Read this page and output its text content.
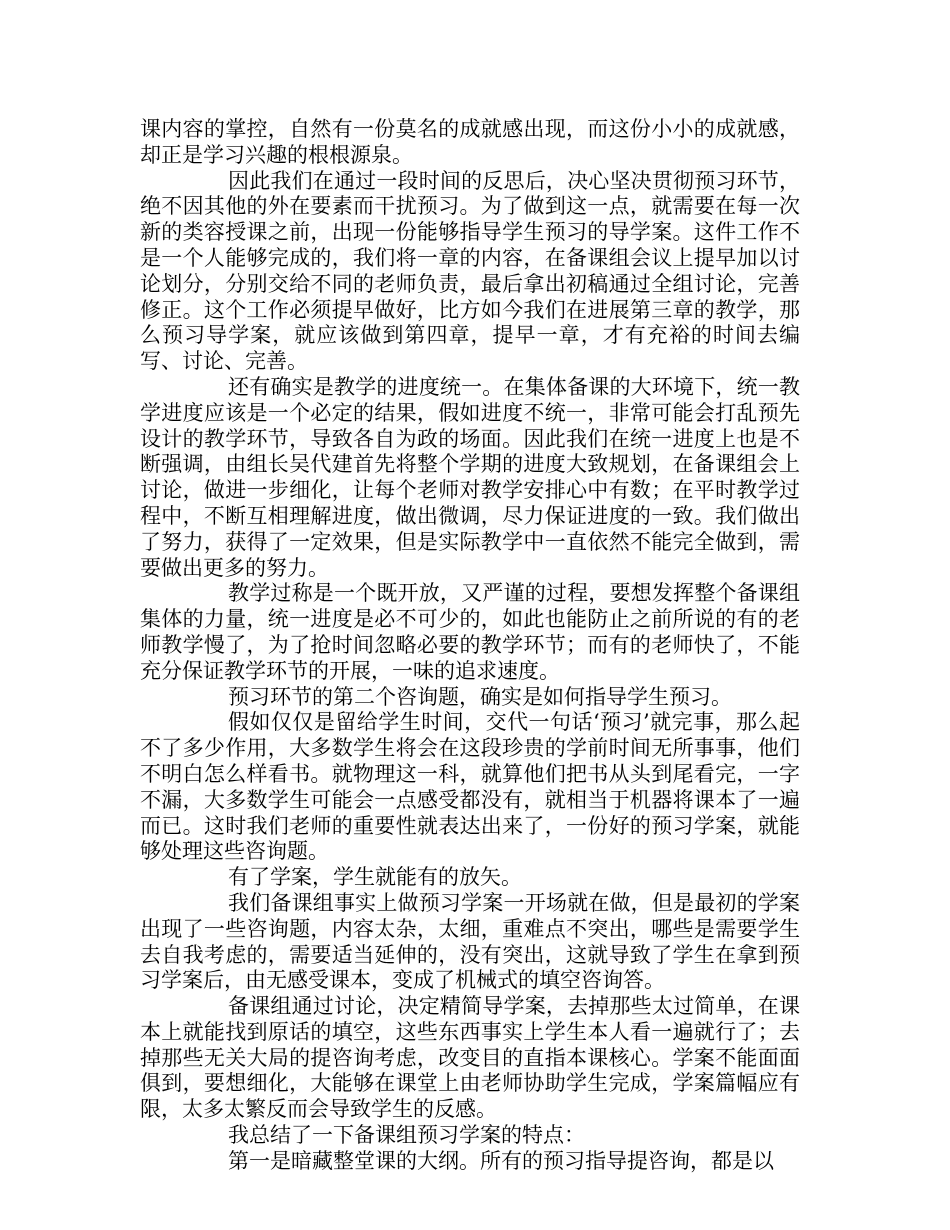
课内容的掌控，自然有一份莫名的成就感出现，而这份小小的成就感，却正是学习兴趣的根根源泉。

因此我们在通过一段时间的反思后，决心坚决贯彻预习环节，绝不因其他的外在要素而干扰预习。为了做到这一点，就需要在每一次新的类容授课之前，出现一份能够指导学生预习的导学案。这件工作不是一个人能够完成的，我们将一章的内容，在备课组会议上提早加以讨论划分，分别交给不同的老师负责，最后拿出初稿通过全组讨论，完善修正。这个工作必须提早做好，比方如今我们在进展第三章的教学，那么预习导学案，就应该做到第四章，提早一章，才有充裕的时间去编写、讨论、完善。

还有确实是教学的进度统一。在集体备课的大环境下，统一教学进度应该是一个必定的结果，假如进度不统一，非常可能会打乱预先设计的教学环节，导致各自为政的场面。因此我们在统一进度上也是不断强调，由组长吴代建首先将整个学期的进度大致规划，在备课组会上讨论，做进一步细化，让每个老师对教学安排心中有数；在平时教学过程中，不断互相理解进度，做出微调，尽力保证进度的一致。我们做出了努力，获得了一定效果，但是实际教学中一直依然不能完全做到，需要做出更多的努力。

教学过称是一个既开放，又严谨的过程，要想发挥整个备课组集体的力量，统一进度是必不可少的，如此也能防止之前所说的有的老师教学慢了，为了抢时间忽略必要的教学环节；而有的老师快了，不能充分保证教学环节的开展，一味的追求速度。

预习环节的第二个咨询题，确实是如何指导学生预习。

假如仅仅是留给学生时间，交代一句话‘预习’就完事，那么起不了多少作用，大多数学生将会在这段珍贵的学前时间无所事事，他们不明白怎么样看书。就物理这一科，就算他们把书从头到尾看完，一字不漏，大多数学生可能会一点感受都没有，就相当于机器将课本了一遍而已。这时我们老师的重要性就表达出来了，一份好的预习学案，就能够处理这些咨询题。

有了学案，学生就能有的放矢。

我们备课组事实上做预习学案一开场就在做，但是最初的学案出现了一些咨询题，内容太杂，太细，重难点不突出，哪些是需要学生去自我考虑的，需要适当延伸的，没有突出，这就导致了学生在拿到预习学案后，由无感受课本，变成了机械式的填空咨询答。

备课组通过讨论，决定精简导学案，去掉那些太过简单，在课本上就能找到原话的填空，这些东西事实上学生本人看一遍就行了；去掉那些无关大局的提咨询考虑，改变目的直指本课核心。学案不能面面俱到，要想细化，大能够在课堂上由老师协助学生完成，学案篇幅应有限，太多太繁反而会导致学生的反感。

我总结了一下备课组预习学案的特点：

第一是暗藏整堂课的大纲。所有的预习指导提咨询，都是以
